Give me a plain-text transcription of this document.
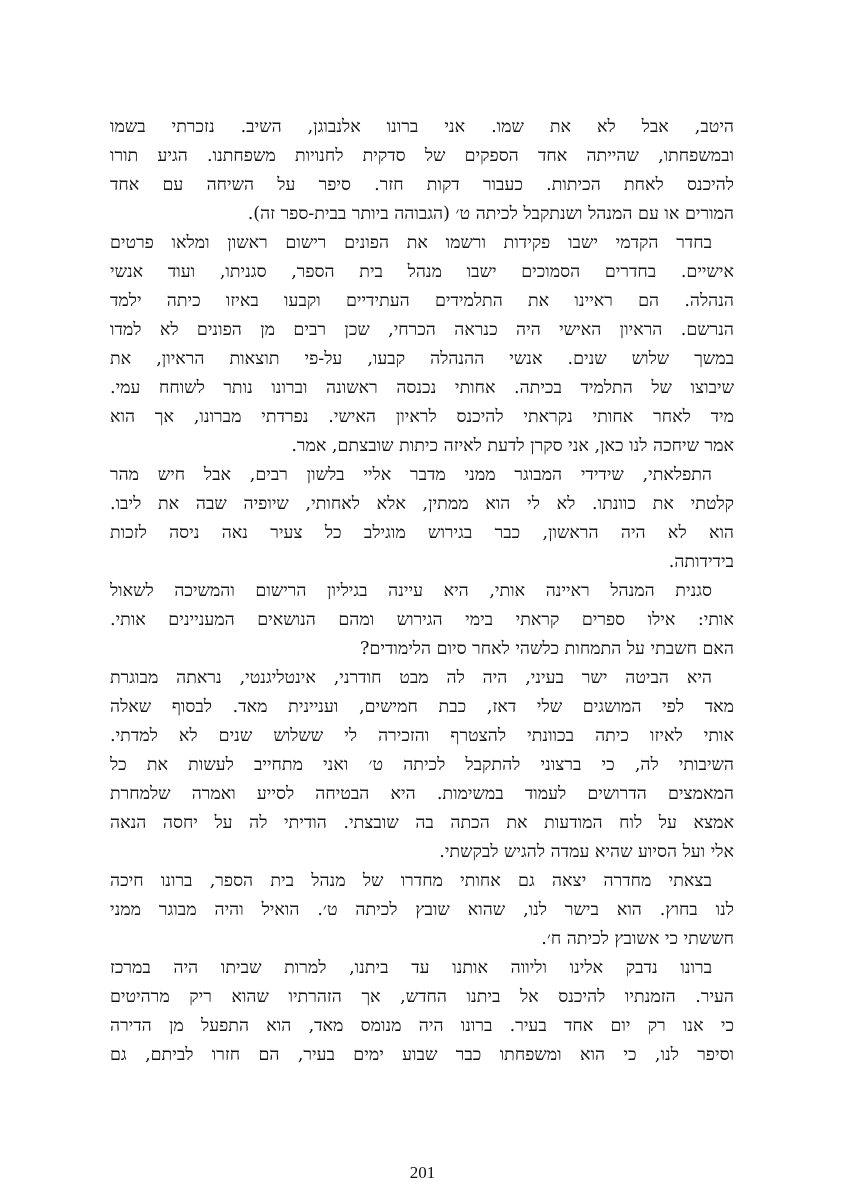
היטב, אבל לא את שמו. אני ברונו אלנבוגן, השיב. נזכרתי בשמו
ובמשפחתו, שהייתה אחד הספקים של סדקית לחנויות משפחתנו. הגיע תורו
להיכנס לאחת הכיתות. כעבור דקות חזר. סיפר על השיחה עם אחד
המורים או עם המנהל ושנתקבל לכיתה ט׳ (הגבוהה ביותר בבית-ספר זה).
בחדר הקדמי ישבו פקידות ורשמו את הפונים רישום ראשון ומלאו פרטים
אישיים. בחדרים הסמוכים ישבו מנהל בית הספר, סגניתו, ועוד אנשי
הנהלה. הם ראיינו את התלמידים העתידיים וקבעו באיזו כיתה ילמד
הנרשם. הראיון האישי היה כנראה הכרחי, שכן רבים מן הפונים לא למדו
במשך שלוש שנים. אנשי ההנהלה קבעו, על-פי תוצאות הראיון, את
שיבוצו של התלמיד בכיתה. אחותי נכנסה ראשונה וברונו נותר לשוחח עמי.
מיד לאחר אחותי נקראתי להיכנס לראיון האישי. נפרדתי מברונו, אך הוא
אמר שיחכה לנו כאן, אני סקרן לדעת לאיזה כיתות שובצתם, אמר.
התפלאתי, שידידי המבוגר ממני מדבר אליי בלשון רבים, אבל חיש מהר
קלטתי את כוונתו. לא לי הוא ממתין, אלא לאחותי, שיופיה שבה את ליבו.
הוא לא היה הראשון, כבר בגירוש מוגילב כל צעיר נאה ניסה לזכות
בידידותה.
סגנית המנהל ראיינה אותי, היא עיינה בגיליון הרישום והמשיכה לשאול
אותי: אילו ספרים קראתי בימי הגירוש ומהם הנושאים המעניינים אותי.
האם חשבתי על התמחות כלשהי לאחר סיום הלימודים?
היא הביטה ישר בעיני, היה לה מבט חודרני, אינטליגנטי, נראתה מבוגרת
מאד לפי המושגים שלי דאז, כבת חמישים, ועניינית מאד. לבסוף שאלה
אותי לאיזו כיתה בכוונתי להצטרף והזכירה לי ששלוש שנים לא למדתי.
השיבותי לה, כי ברצוני להתקבל לכיתה ט׳ ואני מתחייב לעשות את כל
המאמצים הדרושים לעמוד במשימות. היא הבטיחה לסייע ואמרה שלמחרת
אמצא על לוח המודעות את הכתה בה שובצתי. הודיתי לה על יחסה הנאה
אלי ועל הסיוע שהיא עמדה להגיש לבקשתי.
בצאתי מחדרה יצאה גם אחותי מחדרו של מנהל בית הספר, ברונו חיכה
לנו בחוץ. הוא בישר לנו, שהוא שובץ לכיתה ט׳. הואיל והיה מבוגר ממני
חששתי כי אשובץ לכיתה ח׳.
ברונו נדבק אלינו וליווה אותנו עד ביתנו, למרות שביתו היה במרכז
העיר. הזמנתיו להיכנס אל ביתנו החדש, אך הזהרתיו שהוא ריק מרהיטים
כי אנו רק יום אחד בעיר. ברונו היה מנומס מאד, הוא התפעל מן הדירה
וסיפר לנו, כי הוא ומשפחתו כבר שבוע ימים בעיר, הם חזרו לביתם, גם
201
